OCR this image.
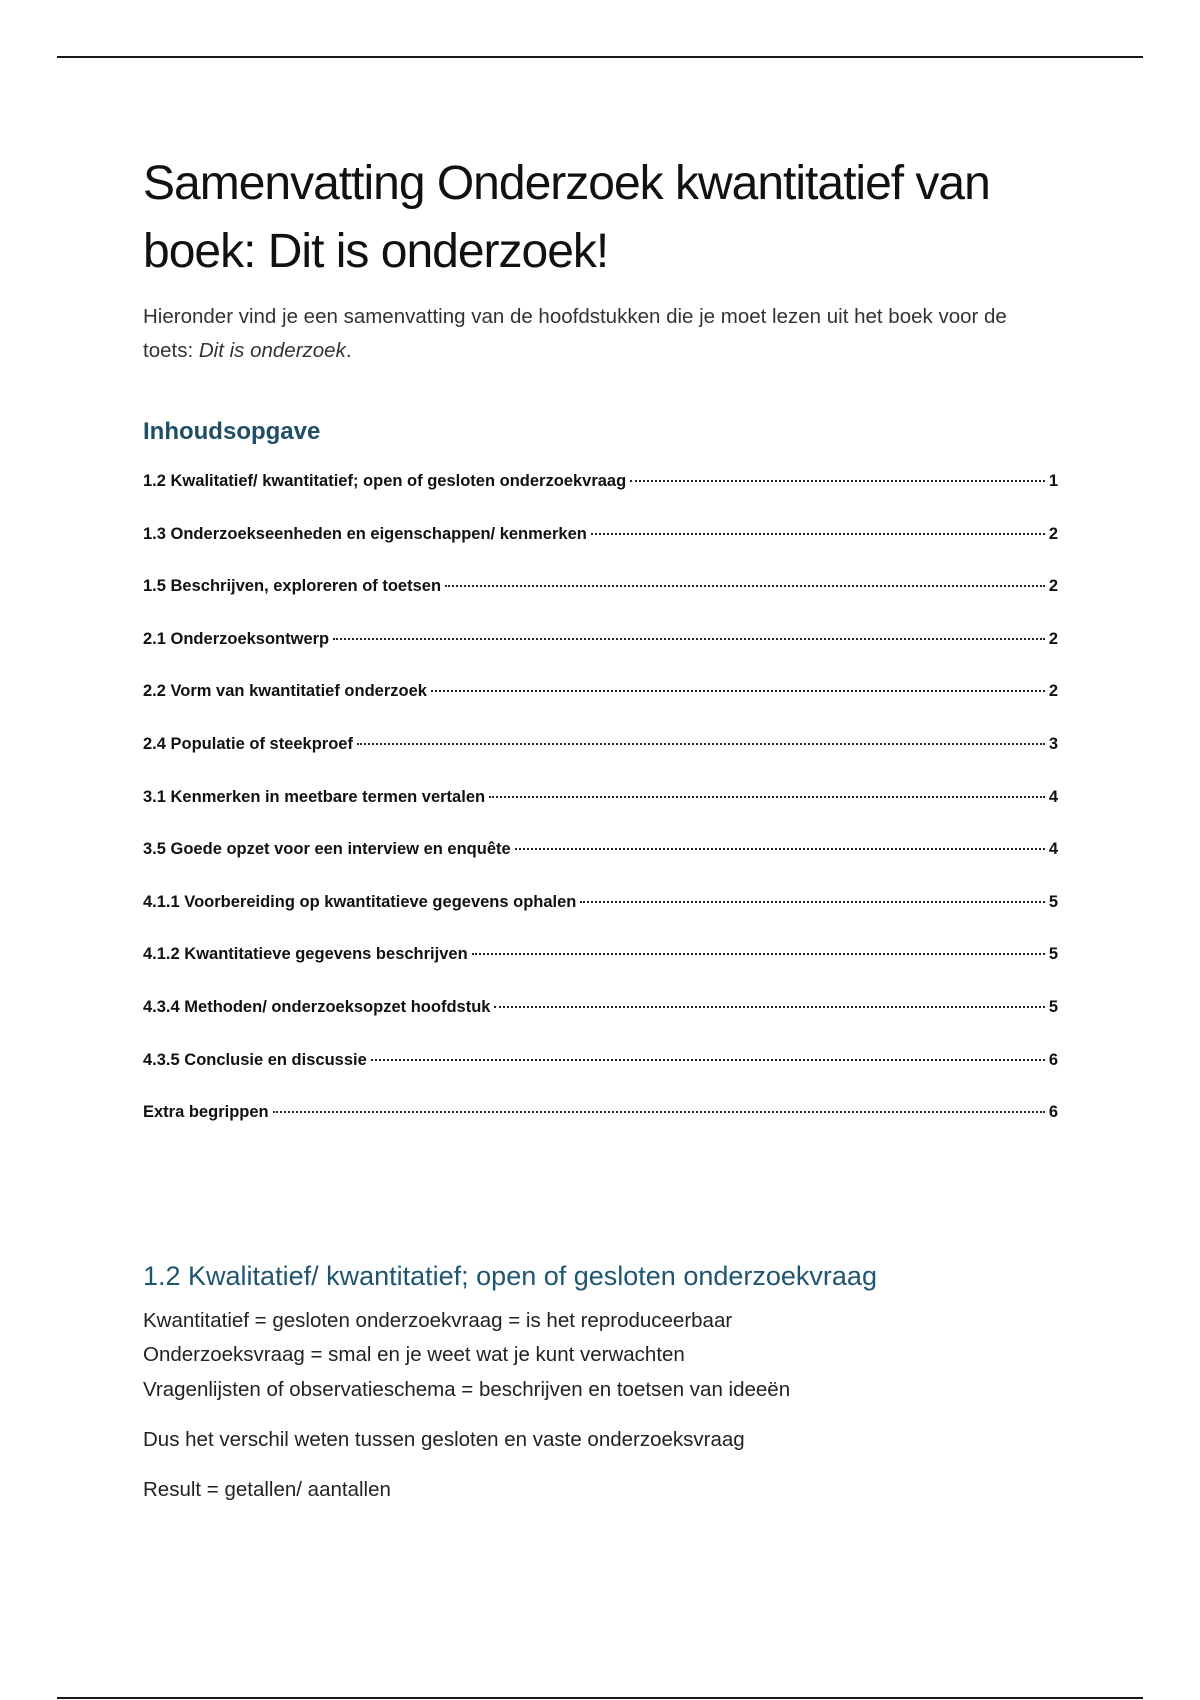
Samenvatting Onderzoek kwantitatief van boek: Dit is onderzoek!
Hieronder vind je een samenvatting van de hoofdstukken die je moet lezen uit het boek voor de toets: Dit is onderzoek.
Inhoudsopgave
1.2 Kwalitatief/ kwantitatief; open of gesloten onderzoekvraag	1
1.3 Onderzoekseenheden en eigenschappen/ kenmerken	2
1.5 Beschrijven, exploreren of toetsen	2
2.1 Onderzoeksontwerp	2
2.2 Vorm van kwantitatief onderzoek	2
2.4 Populatie of steekproef	3
3.1 Kenmerken in meetbare termen vertalen	4
3.5 Goede opzet voor een interview en enquête	4
4.1.1 Voorbereiding op kwantitatieve gegevens ophalen	5
4.1.2 Kwantitatieve gegevens beschrijven	5
4.3.4 Methoden/ onderzoeksopzet hoofdstuk	5
4.3.5 Conclusie en discussie	6
Extra begrippen	6
1.2 Kwalitatief/ kwantitatief; open of gesloten onderzoekvraag
Kwantitatief = gesloten onderzoekvraag = is het reproduceerbaar
Onderzoeksvraag = smal en je weet wat je kunt verwachten
Vragenlijsten of observatieschema = beschrijven en toetsen van ideeën
Dus het verschil weten tussen gesloten en vaste onderzoeksvraag
Result = getallen/ aantallen
